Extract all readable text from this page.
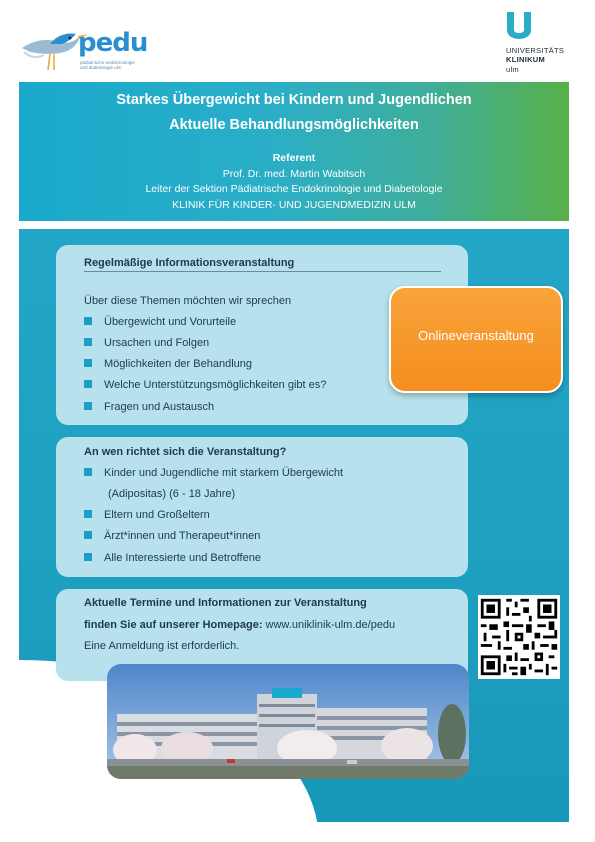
pedu
pädiatrische endokrinologie
und diabetologie ulm
UNIVERSITÄTS
KLINIKUM
ulm
Starkes Übergewicht bei Kindern und Jugendlichen
Aktuelle Behandlungsmöglichkeiten
Referent
Prof. Dr. med. Martin Wabitsch
Leiter der Sektion Pädiatrische Endokrinologie und Diabetologie
KLINIK FÜR KINDER- UND JUGENDMEDIZIN ULM
Regelmäßige Informationsveranstaltung
Über diese Themen möchten wir sprechen
Übergewicht und Vorurteile
Ursachen und Folgen
Möglichkeiten der Behandlung
Welche Unterstützungsmöglichkeiten gibt es?
Fragen und Austausch
Onlineveranstaltung
An wen richtet sich die Veranstaltung?
Kinder und Jugendliche mit starkem Übergewicht
(Adipositas) (6 - 18 Jahre)
Eltern und Großeltern
Ärzt*innen und Therapeut*innen
Alle Interessierte und Betroffene
Aktuelle Termine und Informationen zur Veranstaltung
finden Sie auf unserer Homepage: www.uniklinik-ulm.de/pedu
Eine Anmeldung ist erforderlich.
